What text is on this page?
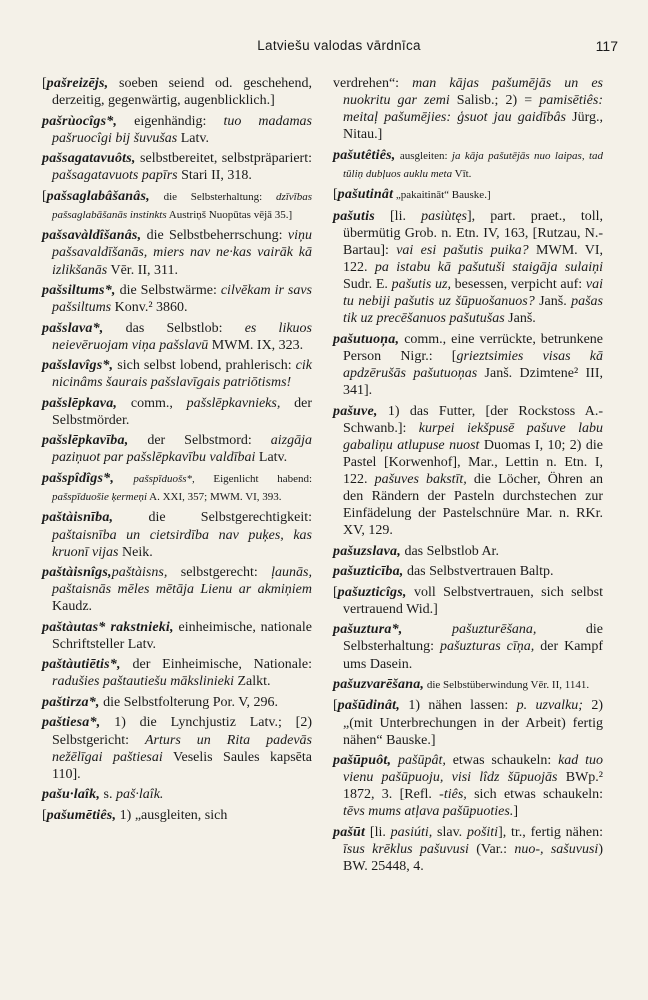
Latviešu valodas vārdnīca	117

[pašreizējs, soeben seiend od. geschehend, derzeitig, gegenwärtig, augenblicklich.]

pašrùocîgs*, eigenhändig: tuo madamas pašruocîgi bij šuvušas Latv.

pašsagatavuôts, selbstbereitet, selbstpräpariert: pašsagatavuots papīrs Stari II, 318.

[pašsaglabâšanâs, die Selbsterhaltung: dzīvības pašsaglabāšanās instinkts Austriņš Nuopūtas vējā 35.]

pašsavàldîšanâs, die Selbstbeherrschung: viņu pašsavaldīšanās, miers nav ne·kas vairāk kā izlikšanās Vēr. II, 311.

pašsiltums*, die Selbstwärme: cilvēkam ir savs pašsiltums Konv.² 3860.

pašslava*, das Selbstlob: es likuos neievēruojam viņa pašslavū MWM. IX, 323.

pašslavîgs*, sich selbst lobend, prahlerisch: cik nicinâms šaurais pašslavīgais patriōtisms!

pašslēpkava, comm., pašslēpkavnieks, der Selbstmörder.

pašslēpkavība, der Selbstmord: aizgāja paziņuot par pašslēpkavību valdībai Latv.

pašspîdîgs*, pašspīduošs*, Eigenlicht habend: pašspīduošie ķermeņi A. XXI, 357; MWM. VI, 393.

paštàisnība, die Selbstgerechtigkeit: paštaisnība un cietsirdība nav puķes, kas kruonī vijas Neik.

paštàisnîgs,paštàisns, selbstgerecht: ļaunās, paštaisnās mēles mētāja Lienu ar akmiņiem Kaudz.

paštàutas* rakstnieki, einheimische, nationale Schriftsteller Latv.

paštàutiētis*, der Einheimische, Nationale: radušies paštautiešu mākslinieki Zalkt.

paštirza*, die Selbstfolterung Por. V, 296.

paštiesa*, 1) die Lynchjustiz Latv.; [2) Selbstgericht: Arturs un Rita padevās nežēlīgai paštiesai Veselis Saules kapsēta 110].

pašu·laîk, s. paš·laîk.

[pašumētiês, 1) „ausgleiten, sich

verdrehen“: man kājas pašumējās un es nuokritu gar zemi Salisb.; 2) = pamisētiês: meitaļ pašumējies: ģsuot jau gaidībâs Jürg., Nitau.]

pašutêtiês, ausgleiten: ja kāja pašutējās nuo laipas, tad tūliņ dubļuos auklu meta Vīt.

[pašutinât „pakaitināt“ Bauske.]

pašutis [li. pasiùtęs], part. praet., toll, übermütig Grob. n. Etn. IV, 163, [Rutzau, N.-Bartau]: vai esi pašutis puika? MWM. VI, 122. pa istabu kā pašutuši staigāja sulaiņi Sudr. E. pašutis uz, besessen, verpicht auf: vai tu nebiji pašutis uz šūpuošanuos? Janš. pašas tik uz precēšanuos pašutušas Janš.

pašutuoņa, comm., eine verrückte, betrunkene Person Nigr.: [grieztsimies visas kā apdzērušās pašutuoņas Janš. Dzimtene² III, 341].

pašuve, 1) das Futter, [der Rockstoss A.-Schwanb.]: kurpei iekšpusē pašuve labu gabaliņu atlupuse nuost Duomas I, 10; 2) die Pastel [Korwenhof], Mar., Lettin n. Etn. I, 122. pašuves bakstīt, die Löcher, Öhren an den Rändern der Pasteln durchstechen zur Einfädelung der Pastelschnüre Mar. n. RKr. XV, 129.

pašuzslava, das Selbstlob Ar.

pašuzticība, das Selbstvertrauen Baltp.

[pašuzticîgs, voll Selbstvertrauen, sich selbst vertrauend Wid.]

pašuztura*,	pašuzturēšana, die Selbsterhaltung: pašuzturas cīņa, der Kampf ums Dasein.

pašuzvarēšana, die Selbstüberwindung Vēr. II, 1141.

[pašūdinât, 1) nähen lassen: p. uzvalku; 2) „(mit Unterbrechungen in der Arbeit) fertig nähen“ Bauske.]

pašūpuôt, pašūpât, etwas schaukeln: kad tuo vienu pašūpuoju, visi lîdz šūpuojās BWp.² 1872, 3. [Refl. -tiês, sich etwas schaukeln: tēvs mums atļava pašūpuoties.]

pašūt [li. pasiúti, slav. pošiti], tr., fertig nähen: īsus krēklus pašuvusi (Var.: nuo-, sašuvusi) BW. 25448, 4.
